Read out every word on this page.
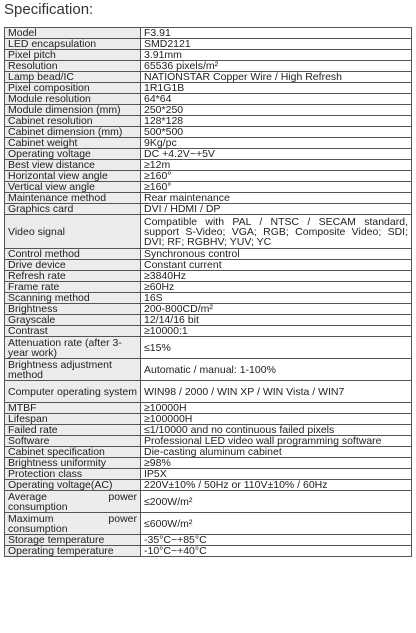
Specification:
Model	F3.91
LED encapsulation	SMD2121
Pixel pitch	3.91mm
Resolution	65536 pixels/m²
Lamp bead/IC	NATIONSTAR Copper Wire / High Refresh
Pixel composition	1R1G1B
Module resolution	64*64
Module dimension (mm)	250*250
Cabinet resolution	128*128
Cabinet dimension (mm)	500*500
Cabinet weight	9Kg/pc
Operating voltage	DC +4.2V~+5V
Best view distance	≥12m
Horizontal view angle	≥160°
Vertical view angle	≥160°
Maintenance method	Rear maintenance
Graphics card	DVI / HDMI / DP
Video signal	Compatible with PAL / NTSC / SECAM standard, support S-Video; VGA; RGB; Composite Video; SDI; DVI; RF; RGBHV; YUV; YC
Control method	Synchronous control
Drive device	Constant current
Refresh rate	≥3840Hz
Frame rate	≥60Hz
Scanning method	16S
Brightness	200-800CD/m²
Grayscale	12/14/16 bit
Contrast	≥10000:1
Attenuation rate (after 3-year work)	≤15%
Brightness adjustment method	Automatic / manual: 1-100%
Computer operating system	WIN98 / 2000 / WIN XP / WIN Vista / WIN7
MTBF	≥10000H
Lifespan	≥100000H
Failed rate	≤1/10000 and no continuous failed pixels
Software	Professional LED video wall programming software
Cabinet specification	Die-casting aluminum cabinet
Brightness uniformity	≥98%
Protection class	IP5X
Operating voltage(AC)	220V±10% / 50Hz or 110V±10% / 60Hz
Average power consumption	≤200W/m²
Maximum power consumption	≤600W/m²
Storage temperature	-35°C~+85°C
Operating temperature	-10°C~+40°C
